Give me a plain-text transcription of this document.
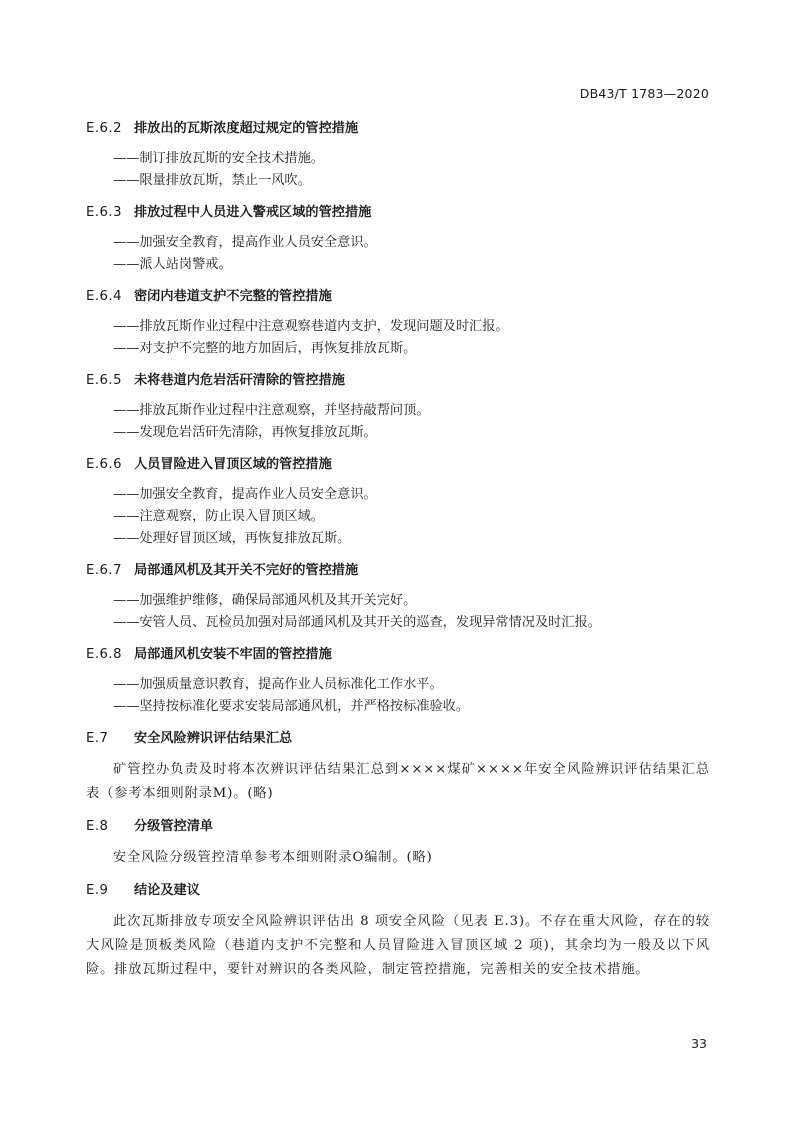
DB43/T 1783—2020
E.6.2 排放出的瓦斯浓度超过规定的管控措施
——制订排放瓦斯的安全技术措施。
——限量排放瓦斯，禁止一风吹。
E.6.3 排放过程中人员进入警戒区域的管控措施
——加强安全教育，提高作业人员安全意识。
——派人站岗警戒。
E.6.4 密闭内巷道支护不完整的管控措施
——排放瓦斯作业过程中注意观察巷道内支护，发现问题及时汇报。
——对支护不完整的地方加固后，再恢复排放瓦斯。
E.6.5 未将巷道内危岩活矸清除的管控措施
——排放瓦斯作业过程中注意观察，并坚持敲帮问顶。
——发现危岩活矸先清除，再恢复排放瓦斯。
E.6.6 人员冒险进入冒顶区域的管控措施
——加强安全教育，提高作业人员安全意识。
——注意观察，防止误入冒顶区域。
——处理好冒顶区域，再恢复排放瓦斯。
E.6.7 局部通风机及其开关不完好的管控措施
——加强维护维修，确保局部通风机及其开关完好。
——安管人员、瓦检员加强对局部通风机及其开关的巡查，发现异常情况及时汇报。
E.6.8 局部通风机安装不牢固的管控措施
——加强质量意识教育，提高作业人员标准化工作水平。
——坚持按标准化要求安装局部通风机，并严格按标准验收。
E.7 安全风险辨识评估结果汇总

矿管控办负责及时将本次辨识评估结果汇总到××××煤矿××××年安全风险辨识评估结果汇总表（参考本细则附录M)。(略)

E.8 分级管控清单

安全风险分级管控清单参考本细则附录O编制。(略)

E.9 结论及建议

此次瓦斯排放专项安全风险辨识评估出 8 项安全风险（见表 E.3)。不存在重大风险，存在的较大风险是顶板类风险（巷道内支护不完整和人员冒险进入冒顶区域 2 项)，其余均为一般及以下风险。排放瓦斯过程中，要针对辨识的各类风险，制定管控措施，完善相关的安全技术措施。

33
